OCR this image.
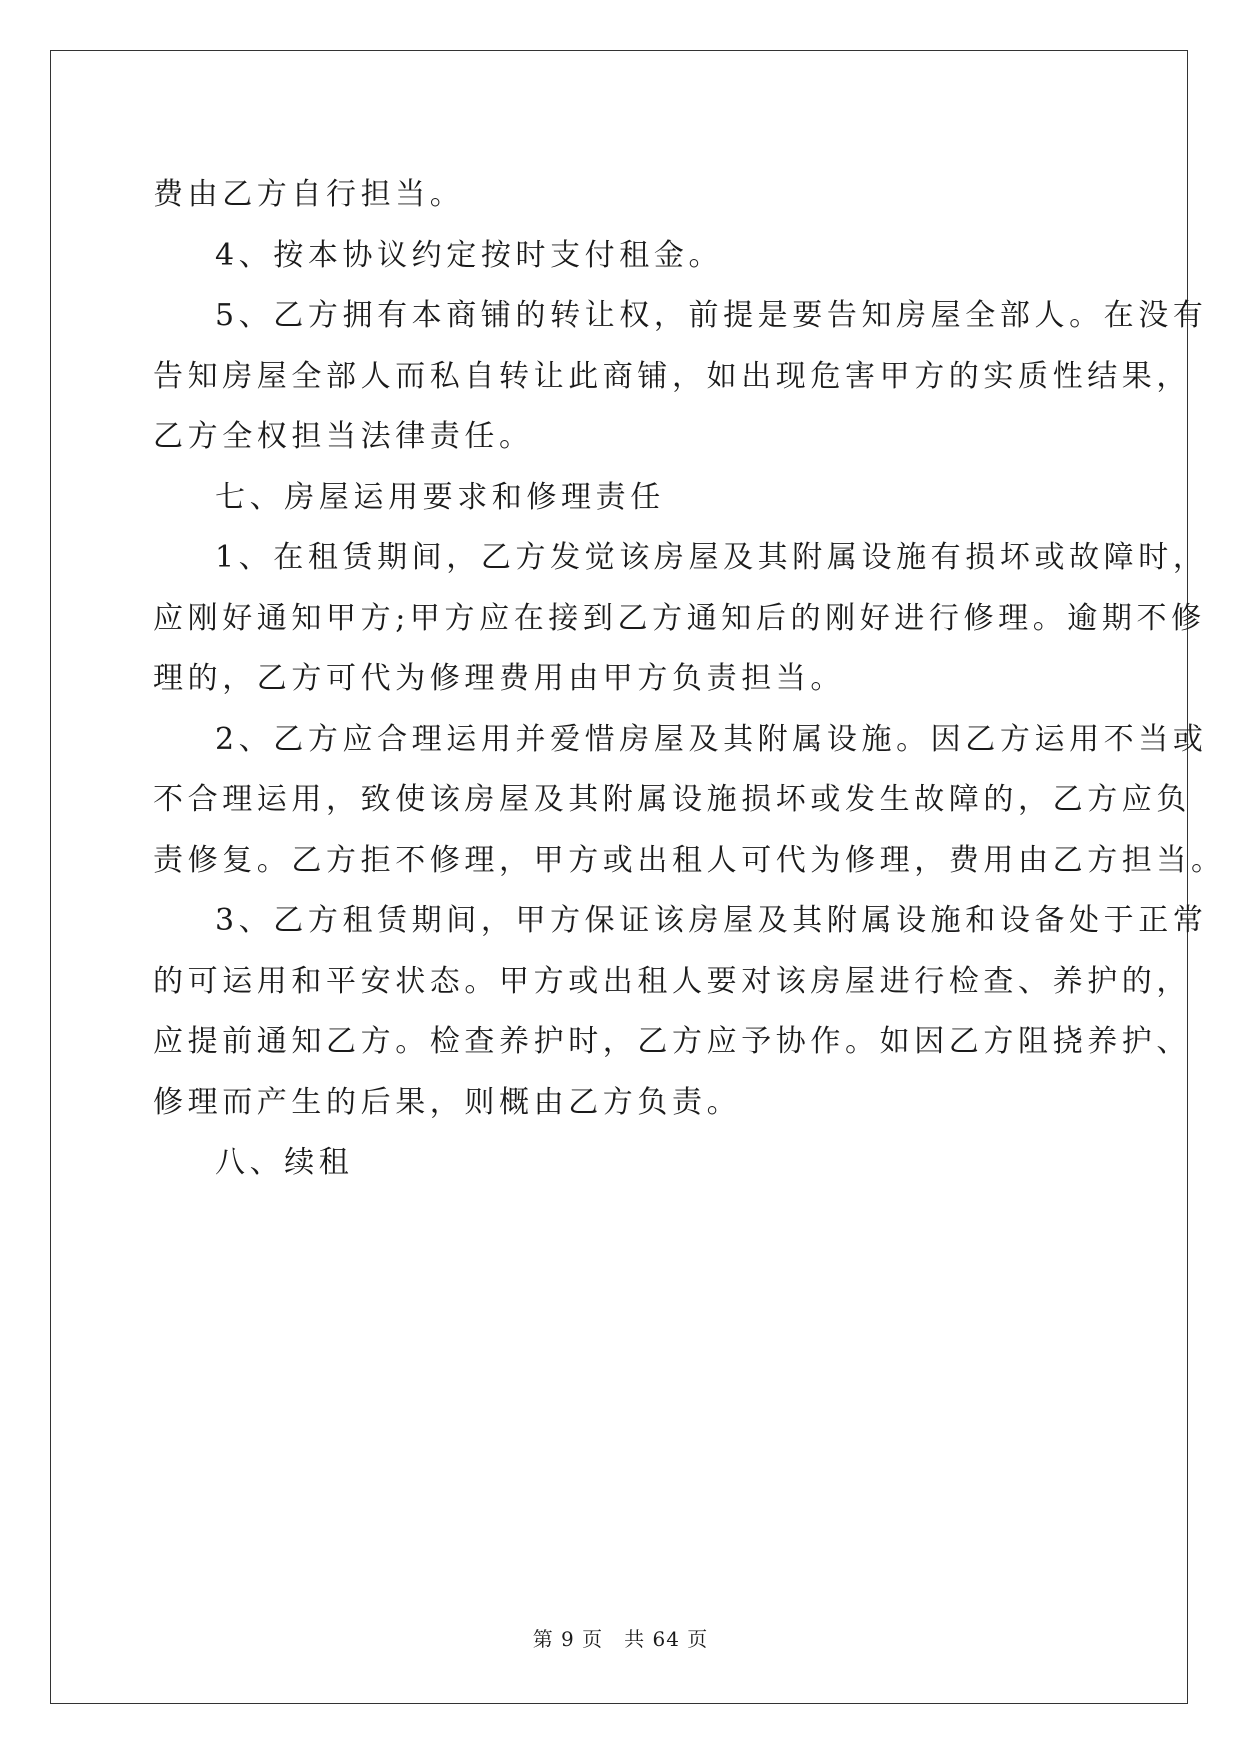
费由乙方自行担当。

4、按本协议约定按时支付租金。

5、乙方拥有本商铺的转让权，前提是要告知房屋全部人。在没有
告知房屋全部人而私自转让此商铺，如出现危害甲方的实质性结果，
乙方全权担当法律责任。

七、房屋运用要求和修理责任

1、在租赁期间，乙方发觉该房屋及其附属设施有损坏或故障时，
应刚好通知甲方;甲方应在接到乙方通知后的刚好进行修理。逾期不修
理的，乙方可代为修理费用由甲方负责担当。

2、乙方应合理运用并爱惜房屋及其附属设施。因乙方运用不当或
不合理运用，致使该房屋及其附属设施损坏或发生故障的，乙方应负
责修复。乙方拒不修理，甲方或出租人可代为修理，费用由乙方担当。

3、乙方租赁期间，甲方保证该房屋及其附属设施和设备处于正常
的可运用和平安状态。甲方或出租人要对该房屋进行检查、养护的，
应提前通知乙方。检查养护时，乙方应予协作。如因乙方阻挠养护、
修理而产生的后果，则概由乙方负责。

八、续租

第 9 页　共 64 页
